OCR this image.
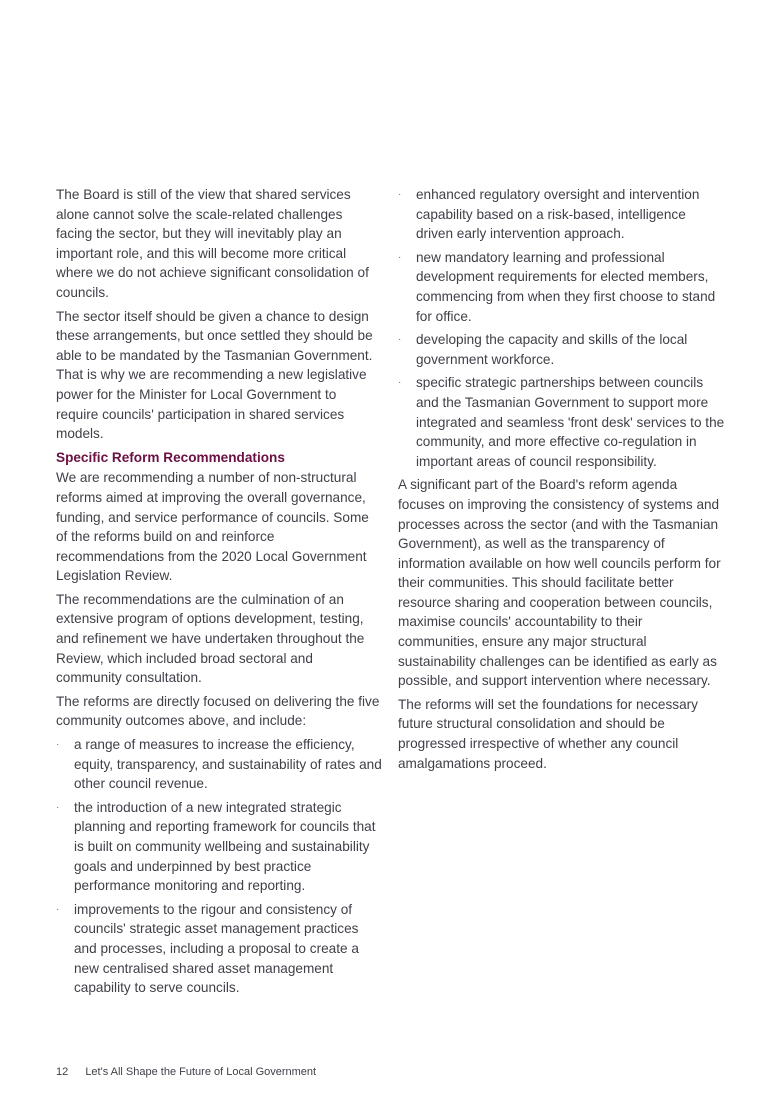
The Board is still of the view that shared services alone cannot solve the scale-related challenges facing the sector, but they will inevitably play an important role, and this will become more critical where we do not achieve significant consolidation of councils.

The sector itself should be given a chance to design these arrangements, but once settled they should be able to be mandated by the Tasmanian Government. That is why we are recommending a new legislative power for the Minister for Local Government to require councils' participation in shared services models.

Specific Reform Recommendations

We are recommending a number of non-structural reforms aimed at improving the overall governance, funding, and service performance of councils. Some of the reforms build on and reinforce recommendations from the 2020 Local Government Legislation Review.

The recommendations are the culmination of an extensive program of options development, testing, and refinement we have undertaken throughout the Review, which included broad sectoral and community consultation.

The reforms are directly focused on delivering the five community outcomes above, and include:

· a range of measures to increase the efficiency, equity, transparency, and sustainability of rates and other council revenue.
· the introduction of a new integrated strategic planning and reporting framework for councils that is built on community wellbeing and sustainability goals and underpinned by best practice performance monitoring and reporting.
· improvements to the rigour and consistency of councils' strategic asset management practices and processes, including a proposal to create a new centralised shared asset management capability to serve councils.
· enhanced regulatory oversight and intervention capability based on a risk-based, intelligence driven early intervention approach.
· new mandatory learning and professional development requirements for elected members, commencing from when they first choose to stand for office.
· developing the capacity and skills of the local government workforce.
· specific strategic partnerships between councils and the Tasmanian Government to support more integrated and seamless 'front desk' services to the community, and more effective co-regulation in important areas of council responsibility.

A significant part of the Board's reform agenda focuses on improving the consistency of systems and processes across the sector (and with the Tasmanian Government), as well as the transparency of information available on how well councils perform for their communities. This should facilitate better resource sharing and cooperation between councils, maximise councils' accountability to their communities, ensure any major structural sustainability challenges can be identified as early as possible, and support intervention where necessary.

The reforms will set the foundations for necessary future structural consolidation and should be progressed irrespective of whether any council amalgamations proceed.

12 Let's All Shape the Future of Local Government
